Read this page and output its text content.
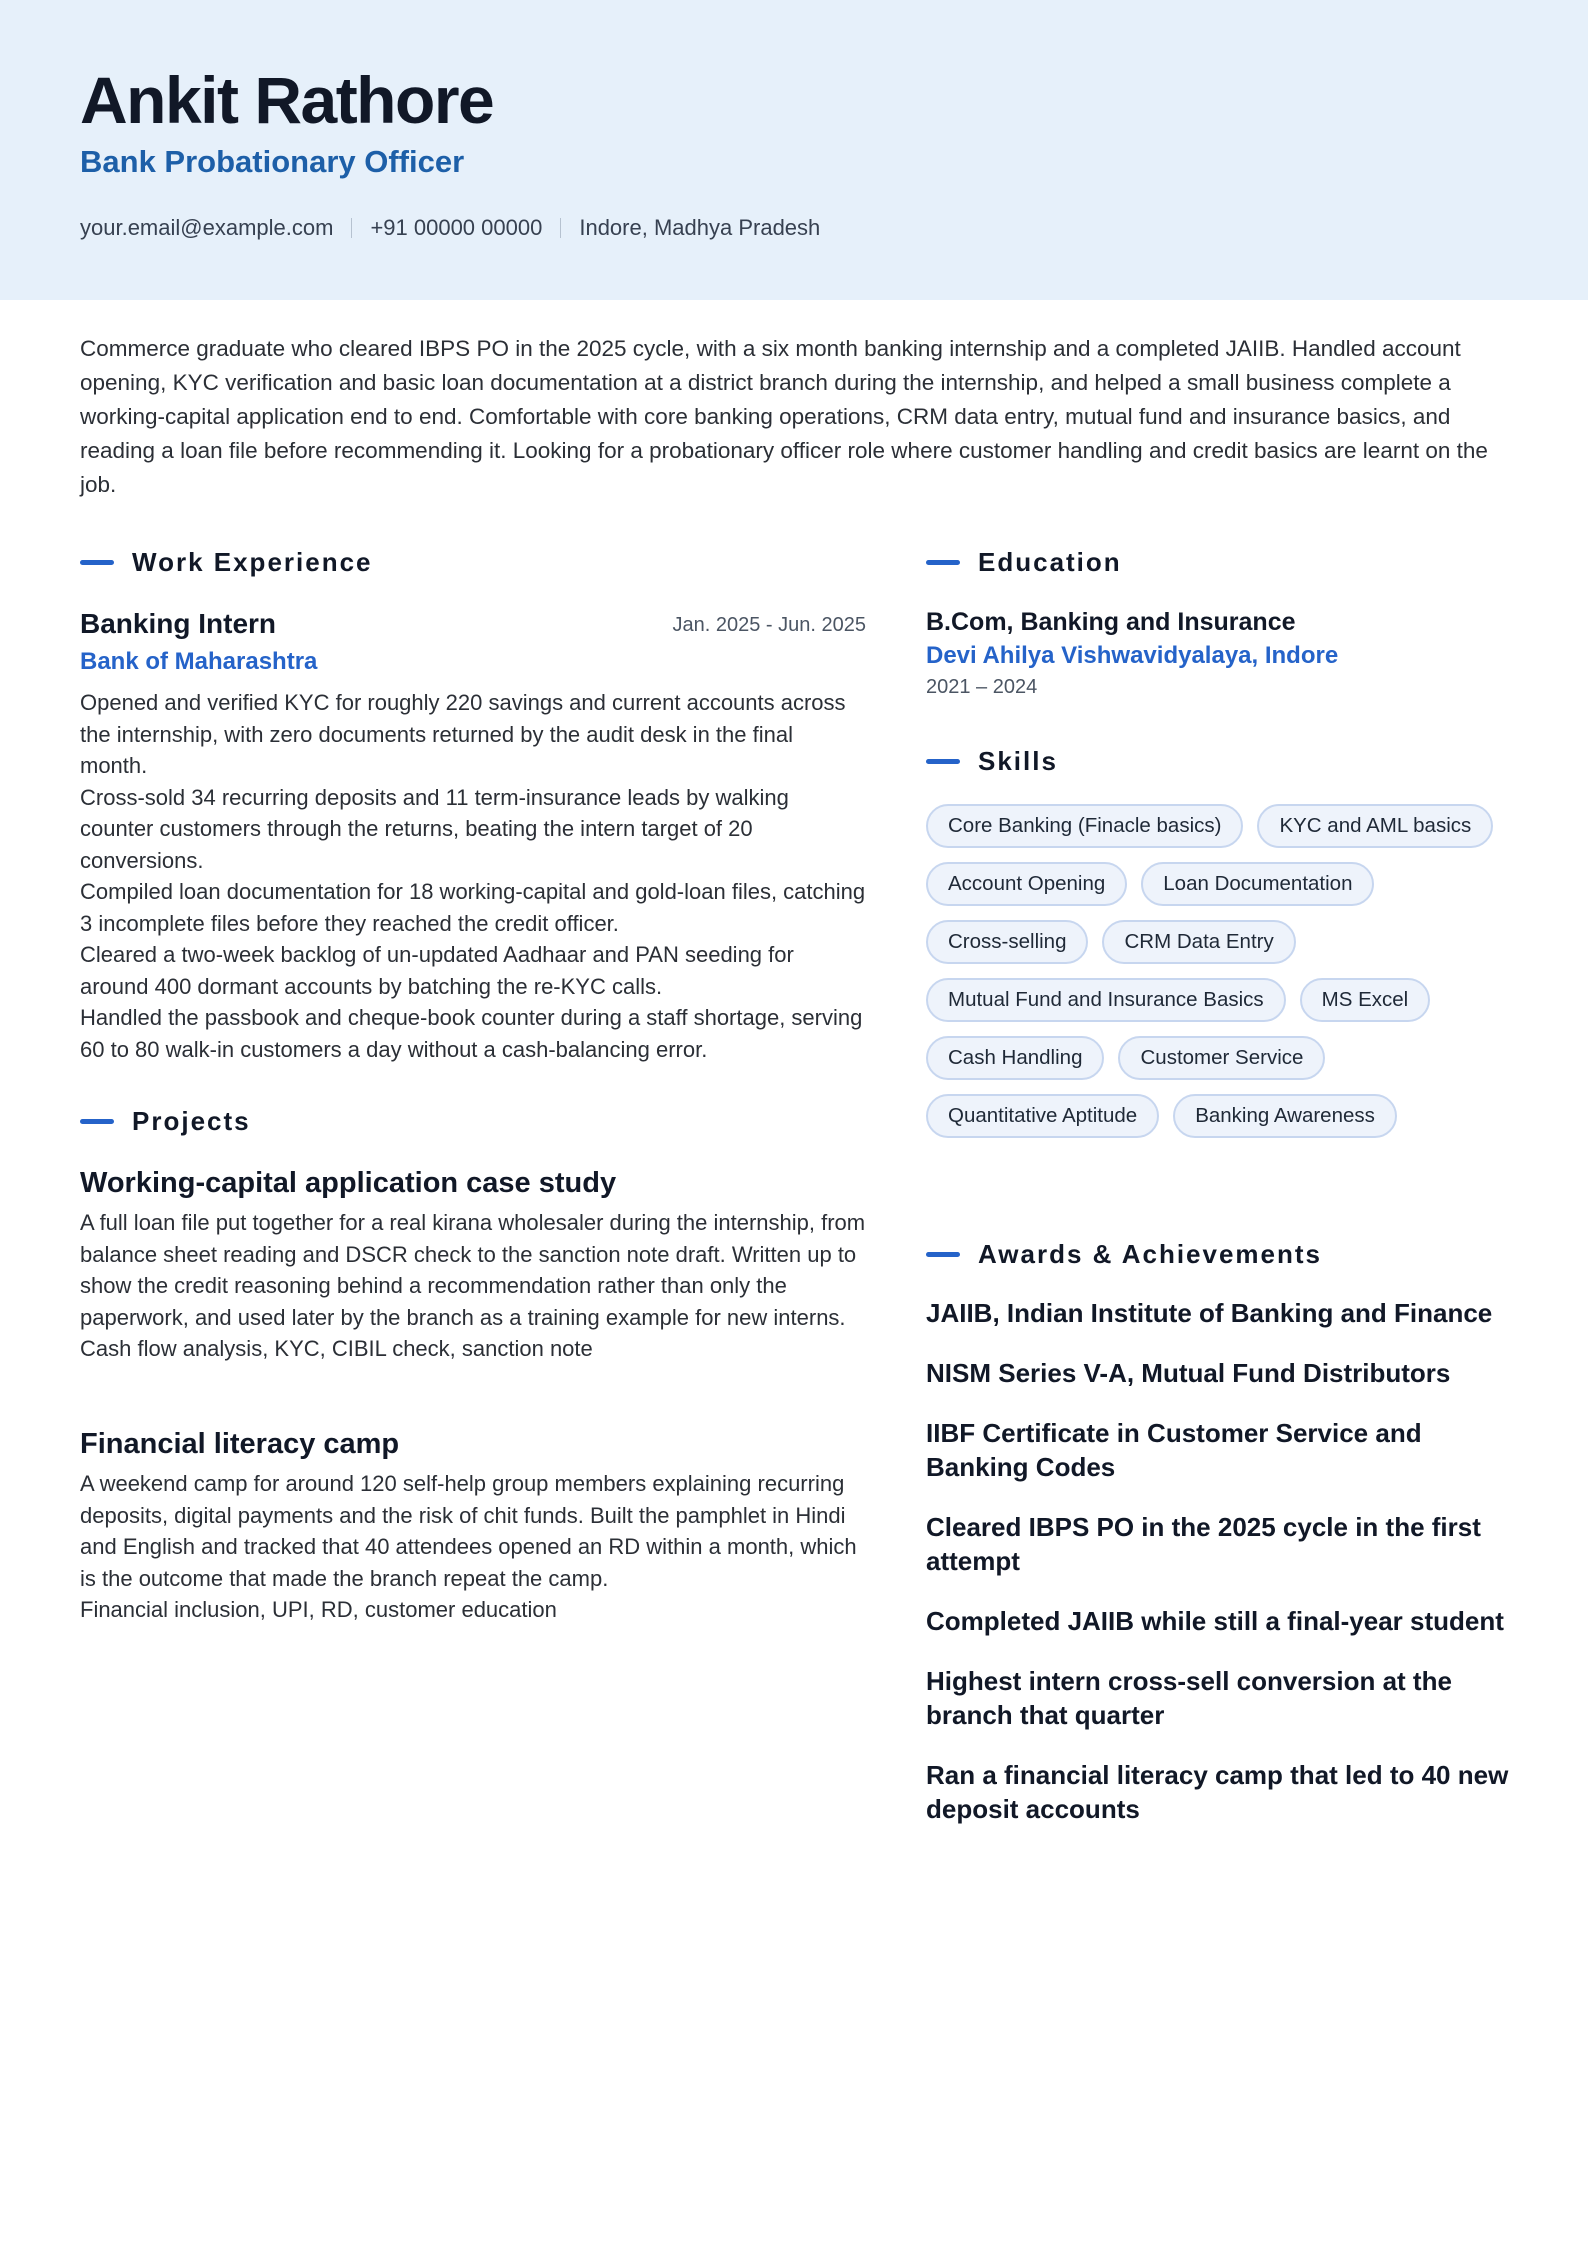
Ankit Rathore
Bank Probationary Officer
your.email@example.com +91 00000 00000 Indore, Madhya Pradesh

Commerce graduate who cleared IBPS PO in the 2025 cycle, with a six month banking internship and a completed JAIIB. Handled account opening, KYC verification and basic loan documentation at a district branch during the internship, and helped a small business complete a working-capital application end to end. Comfortable with core banking operations, CRM data entry, mutual fund and insurance basics, and reading a loan file before recommending it. Looking for a probationary officer role where customer handling and credit basics are learnt on the job.

Work Experience
Banking Intern	Jan. 2025 - Jun. 2025
Bank of Maharashtra

Opened and verified KYC for roughly 220 savings and current accounts across the internship, with zero documents returned by the audit desk in the final month.

Cross-sold 34 recurring deposits and 11 term-insurance leads by walking counter customers through the returns, beating the intern target of 20 conversions.

Compiled loan documentation for 18 working-capital and gold-loan files, catching 3 incomplete files before they reached the credit officer.

Cleared a two-week backlog of un-updated Aadhaar and PAN seeding for around 400 dormant accounts by batching the re-KYC calls.

Handled the passbook and cheque-book counter during a staff shortage, serving 60 to 80 walk-in customers a day without a cash-balancing error.

Projects
Working-capital application case study

A full loan file put together for a real kirana wholesaler during the internship, from balance sheet reading and DSCR check to the sanction note draft. Written up to show the credit reasoning behind a recommendation rather than only the paperwork, and used later by the branch as a training example for new interns.

Cash flow analysis, KYC, CIBIL check, sanction note

Financial literacy camp

A weekend camp for around 120 self-help group members explaining recurring deposits, digital payments and the risk of chit funds. Built the pamphlet in Hindi and English and tracked that 40 attendees opened an RD within a month, which is the outcome that made the branch repeat the camp.

Financial inclusion, UPI, RD, customer education

Education
B.Com, Banking and Insurance
Devi Ahilya Vishwavidyalaya, Indore
2021 – 2024
Skills
Core Banking (Finacle basics)	KYC and AML basics
Account Opening	Loan Documentation
Cross-selling	CRM Data Entry
Mutual Fund and Insurance Basics	MS Excel
Cash Handling	Customer Service
Quantitative Aptitude	Banking Awareness
Awards & Achievements
JAIIB, Indian Institute of Banking and Finance
NISM Series V-A, Mutual Fund Distributors
IIBF Certificate in Customer Service and Banking Codes
Cleared IBPS PO in the 2025 cycle in the first attempt
Completed JAIIB while still a final-year student
Highest intern cross-sell conversion at the branch that quarter
Ran a financial literacy camp that led to 40 new deposit accounts
